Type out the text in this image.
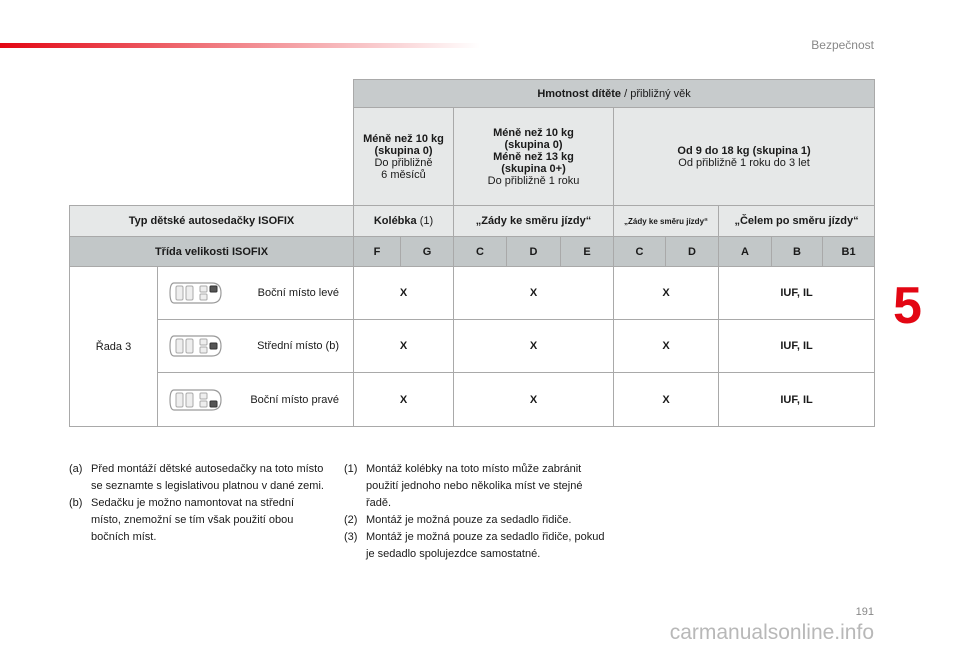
Bezpečnost
5
		Hmotnost dítěte / přibližný věk									
		Méně než 10 kg
(skupina 0)
Do přibližně
6 měsíců		Méně než 10 kg
(skupina 0)
Méně než 13 kg
(skupina 0+)
Do přibližně 1 roku			Od 9 do 18 kg (skupina 1)
Od přibližně 1 roku do 3 let				
Typ dětské autosedačky ISOFIX		Kolébka (1)		„Zády ke směru jízdy“			„Zády ke směru jízdy“		„Čelem po směru jízdy“		
Třída velikosti ISOFIX		F	G	C	D	E	C	D	A	B	B1
Řada 3	Boční místo levé	X		X			X		IUF, IL		

	Střední místo (b)	X		X			X		IUF, IL		

	Boční místo pravé	X		X			X		IUF, IL		
(a) Před montáží dětské autosedačky na toto místo se seznamte s legislativou platnou v dané zemi.
(b) Sedačku je možno namontovat na střední místo, znemožní se tím však použití obou bočních míst.
(1) Montáž kolébky na toto místo může zabránit použití jednoho nebo několika míst ve stejné řadě.
(2) Montáž je možná pouze za sedadlo řidiče.
(3) Montáž je možná pouze za sedadlo řidiče, pokud je sedadlo spolujezdce samostatné.
191
carmanualsonline.info
